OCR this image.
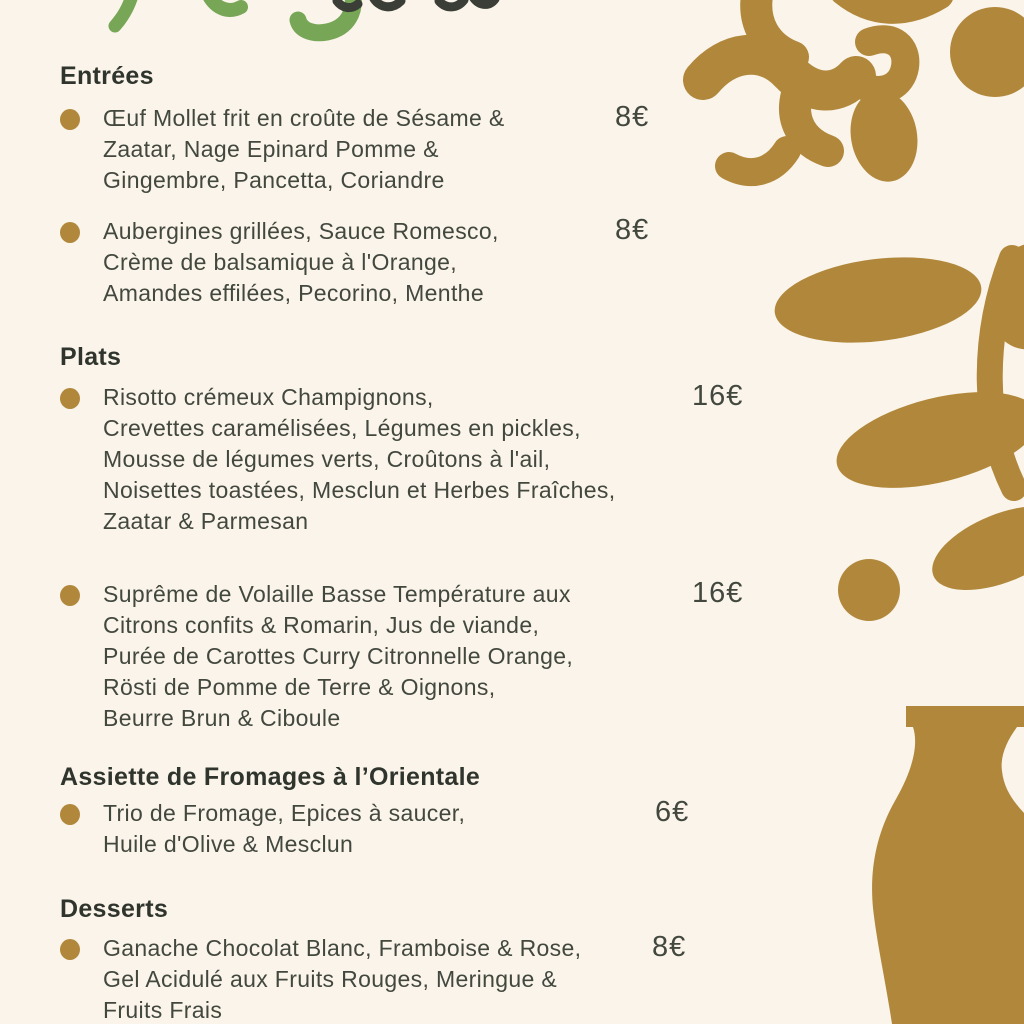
Entrées
Œuf Mollet frit en croûte de Sésame &
Zaatar, Nage Epinard Pomme &
Gingembre, Pancetta, Coriandre
8€
Aubergines grillées, Sauce Romesco,
Crème de balsamique à l'Orange,
Amandes effilées, Pecorino, Menthe
8€
Plats
Risotto crémeux Champignons,
Crevettes caramélisées, Légumes en pickles,
Mousse de légumes verts, Croûtons à l'ail,
Noisettes toastées, Mesclun et Herbes Fraîches,
Zaatar & Parmesan
16€
Suprême de Volaille Basse Température aux
Citrons confits & Romarin, Jus de viande,
Purée de Carottes Curry Citronnelle Orange,
Rösti de Pomme de Terre & Oignons,
Beurre Brun & Ciboule
16€
Assiette de Fromages à l’Orientale
Trio de Fromage, Epices à saucer,
Huile d'Olive & Mesclun
6€
Desserts
Ganache Chocolat Blanc, Framboise & Rose,
Gel Acidulé aux Fruits Rouges, Meringue &
Fruits Frais
8€
